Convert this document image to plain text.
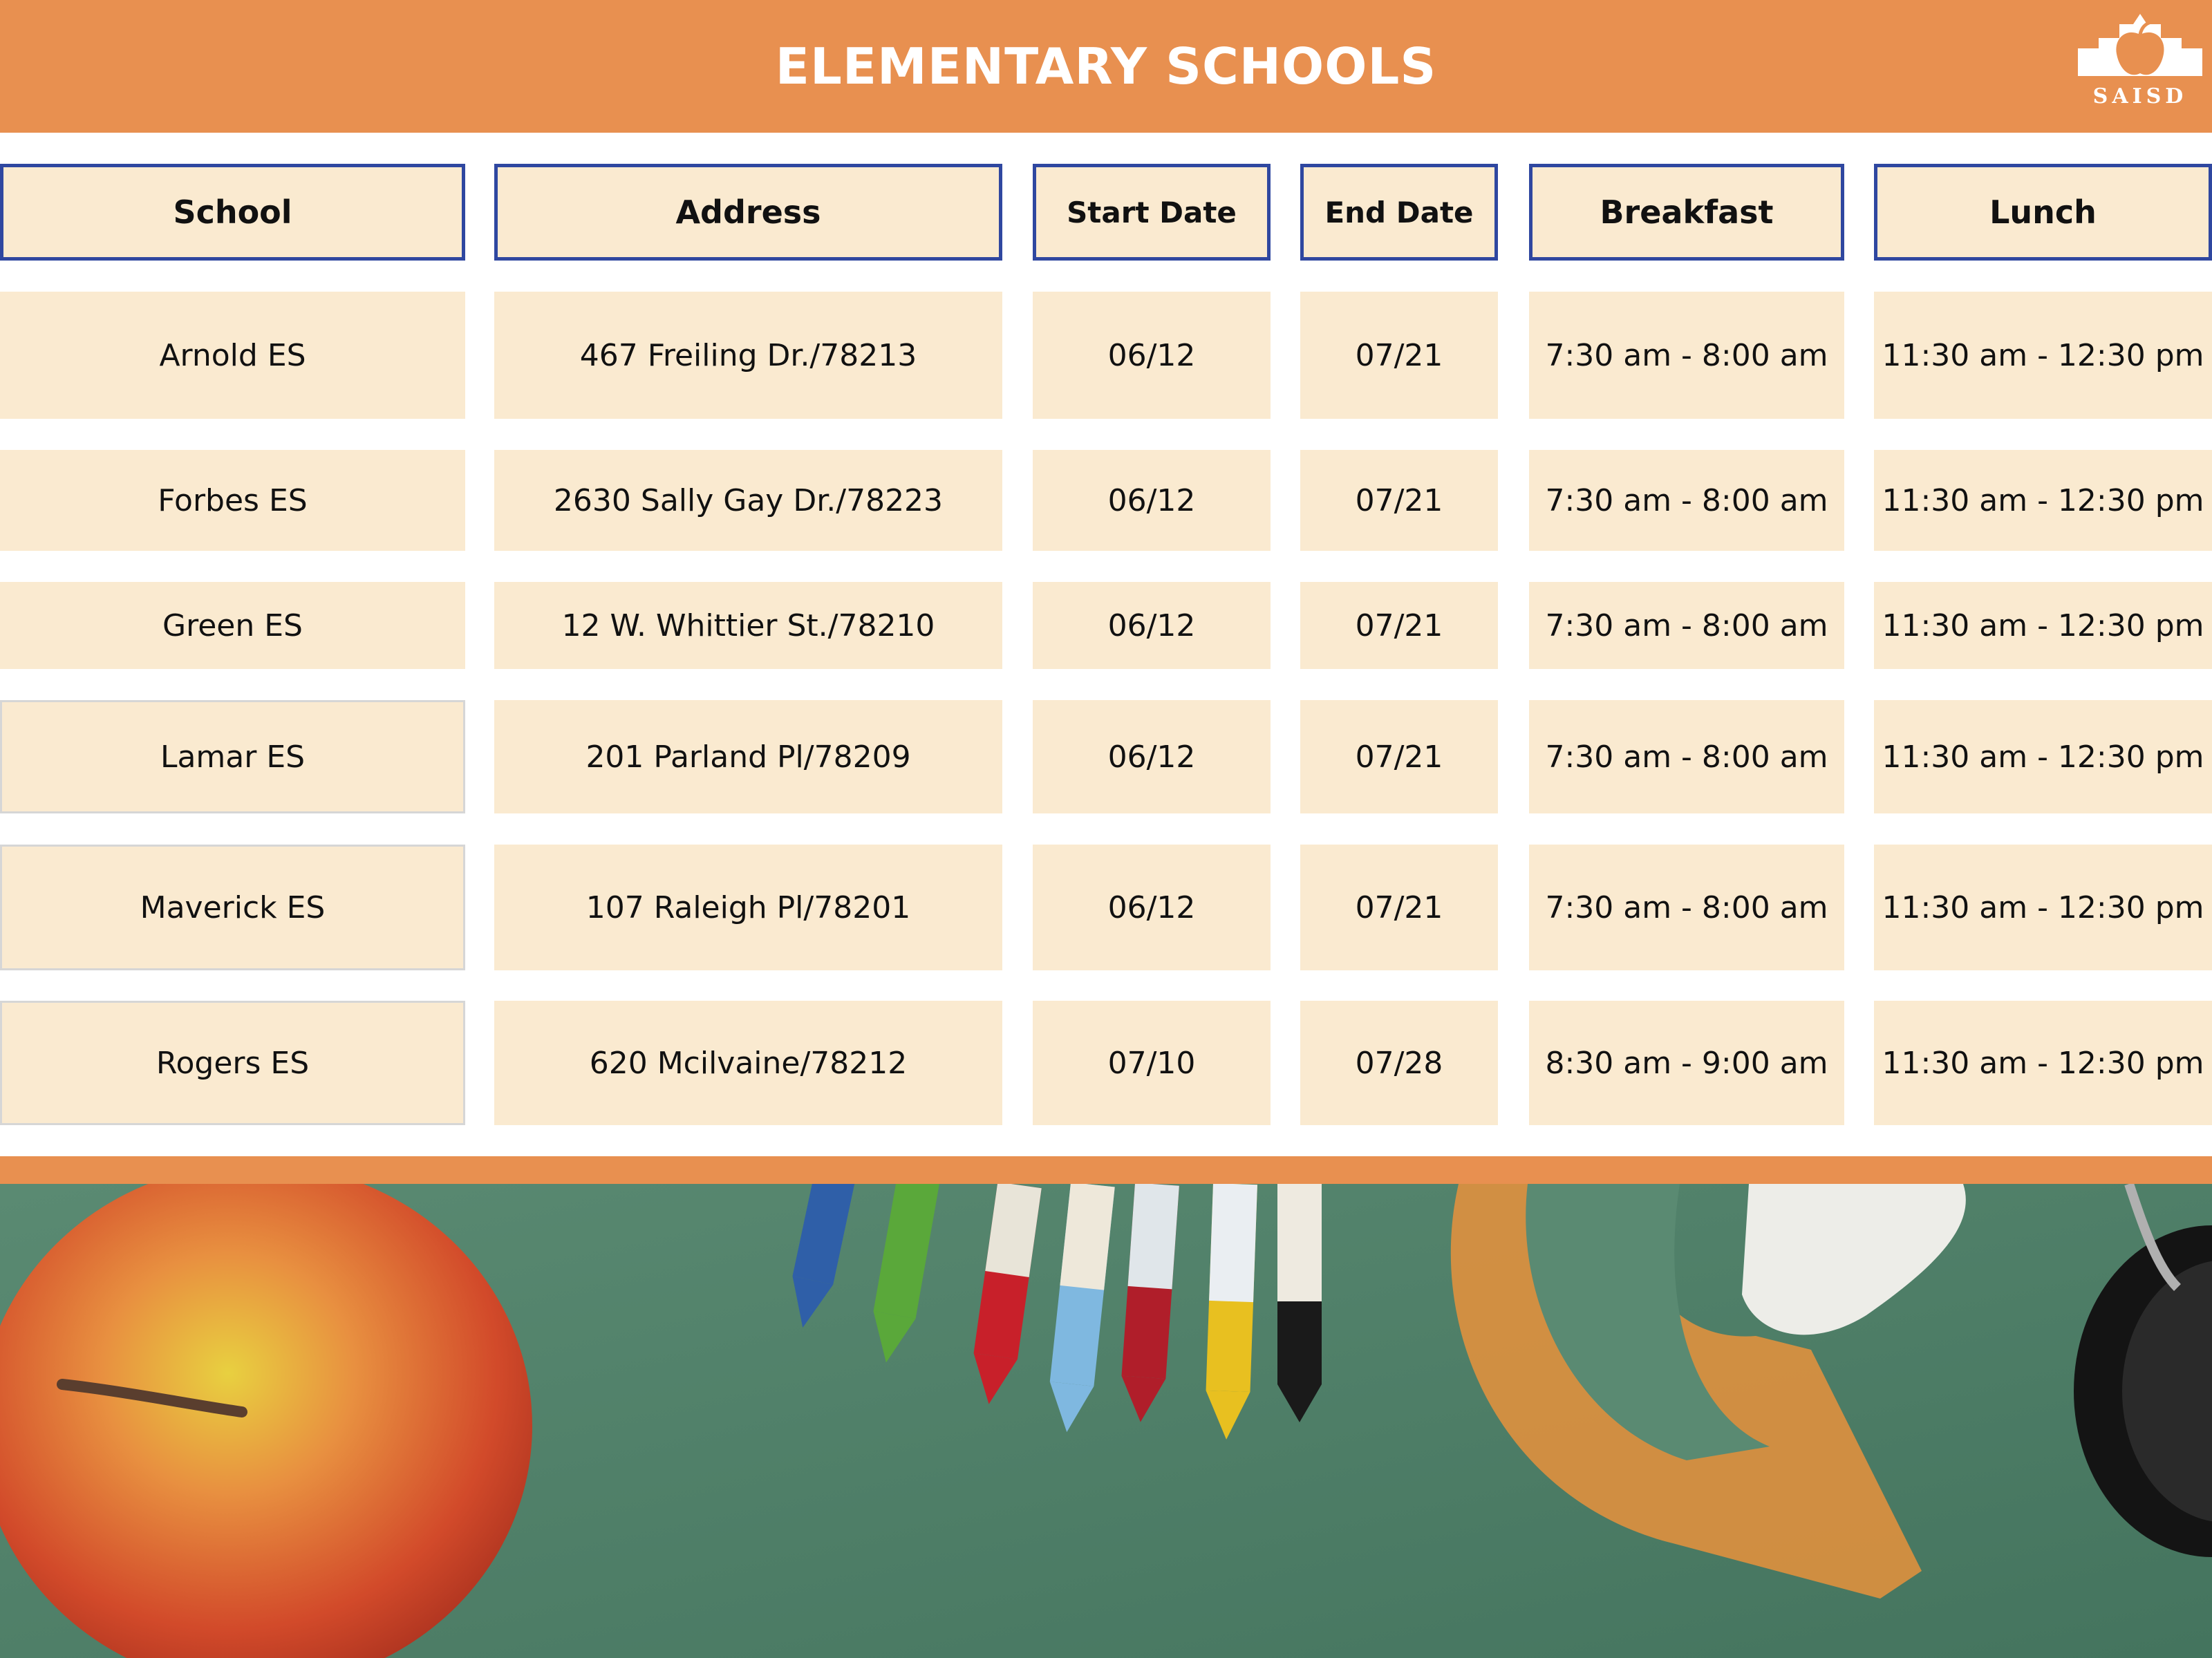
ELEMENTARY SCHOOLS
SAISD
School	Address	Start Date	End Date	Breakfast	Lunch
Arnold ES	467 Freiling Dr./78213	06/12	07/21	7:30 am - 8:00 am	11:30 am - 12:30 pm
Forbes ES	2630 Sally Gay Dr./78223	06/12	07/21	7:30 am - 8:00 am	11:30 am - 12:30 pm
Green ES	12 W. Whittier St./78210	06/12	07/21	7:30 am - 8:00 am	11:30 am - 12:30 pm
Lamar ES	201 Parland Pl/78209	06/12	07/21	7:30 am - 8:00 am	11:30 am - 12:30 pm
Maverick ES	107 Raleigh Pl/78201	06/12	07/21	7:30 am - 8:00 am	11:30 am - 12:30 pm
Rogers ES	620 Mcilvaine/78212	07/10	07/28	8:30 am - 9:00 am	11:30 am - 12:30 pm
